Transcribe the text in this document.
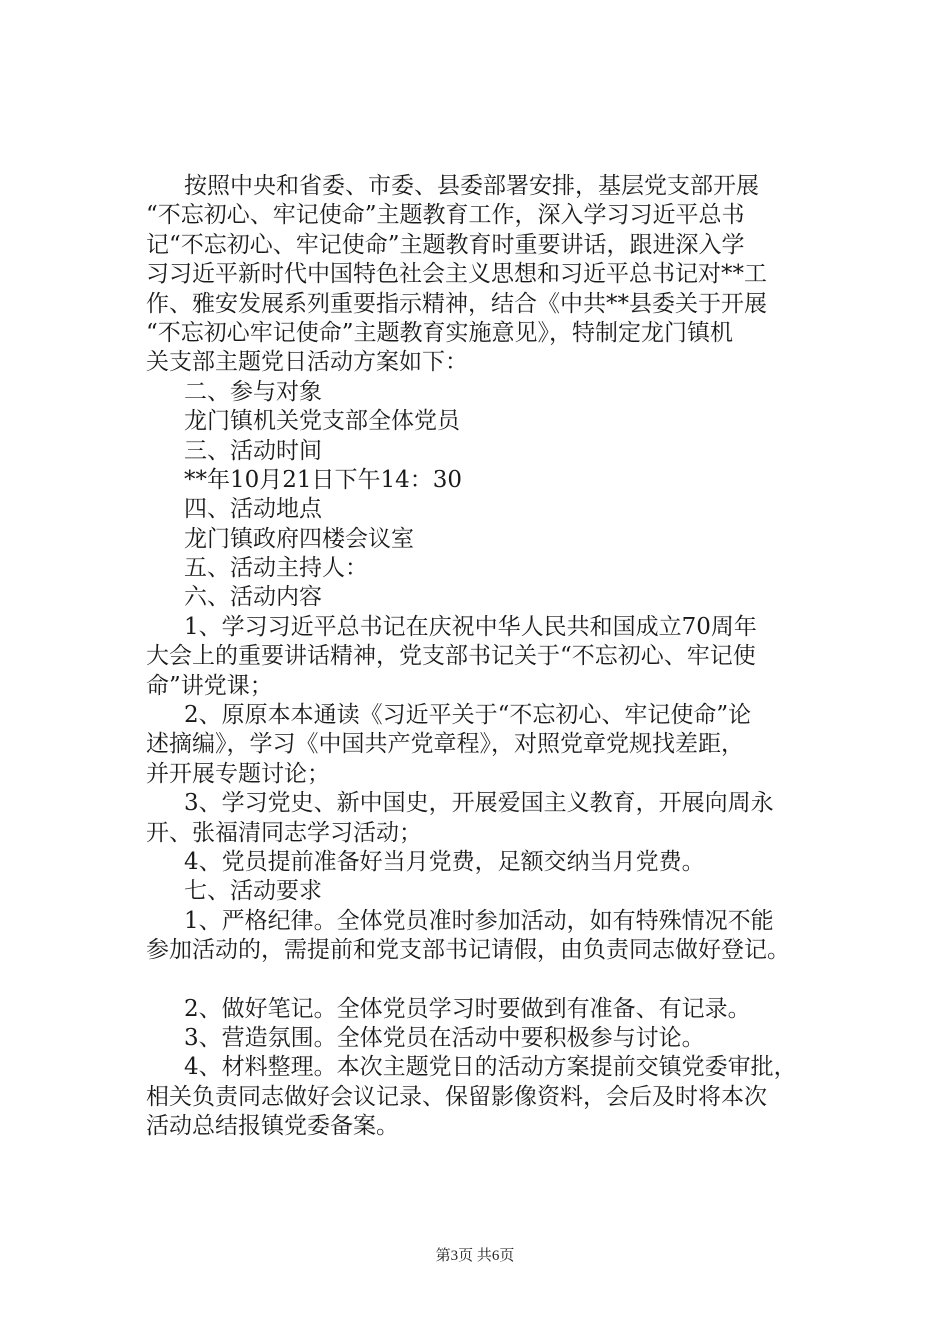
按照中央和省委、市委、县委部署安排，基层党支部开展
“不忘初心、牢记使命”主题教育工作，深入学习习近平总书
记“不忘初心、牢记使命”主题教育时重要讲话，跟进深入学
习习近平新时代中国特色社会主义思想和习近平总书记对**工
作、雅安发展系列重要指示精神，结合《中共**县委关于开展
“不忘初心牢记使命”主题教育实施意见》，特制定龙门镇机
关支部主题党日活动方案如下：
二、参与对象
龙门镇机关党支部全体党员
三、活动时间
**年10月21日下午14：30
四、活动地点
龙门镇政府四楼会议室
五、活动主持人：
六、活动内容
1、学习习近平总书记在庆祝中华人民共和国成立70周年
大会上的重要讲话精神，党支部书记关于“不忘初心、牢记使
命”讲党课；
2、原原本本通读《习近平关于“不忘初心、牢记使命”论
述摘编》，学习《中国共产党章程》，对照党章党规找差距，
并开展专题讨论；
3、学习党史、新中国史，开展爱国主义教育，开展向周永
开、张福清同志学习活动；
4、党员提前准备好当月党费，足额交纳当月党费。
七、活动要求
1、严格纪律。全体党员准时参加活动，如有特殊情况不能
参加活动的，需提前和党支部书记请假，由负责同志做好登记。
2、做好笔记。全体党员学习时要做到有准备、有记录。
3、营造氛围。全体党员在活动中要积极参与讨论。
4、材料整理。本次主题党日的活动方案提前交镇党委审批，
相关负责同志做好会议记录、保留影像资料，会后及时将本次
活动总结报镇党委备案。
第3页 共6页
